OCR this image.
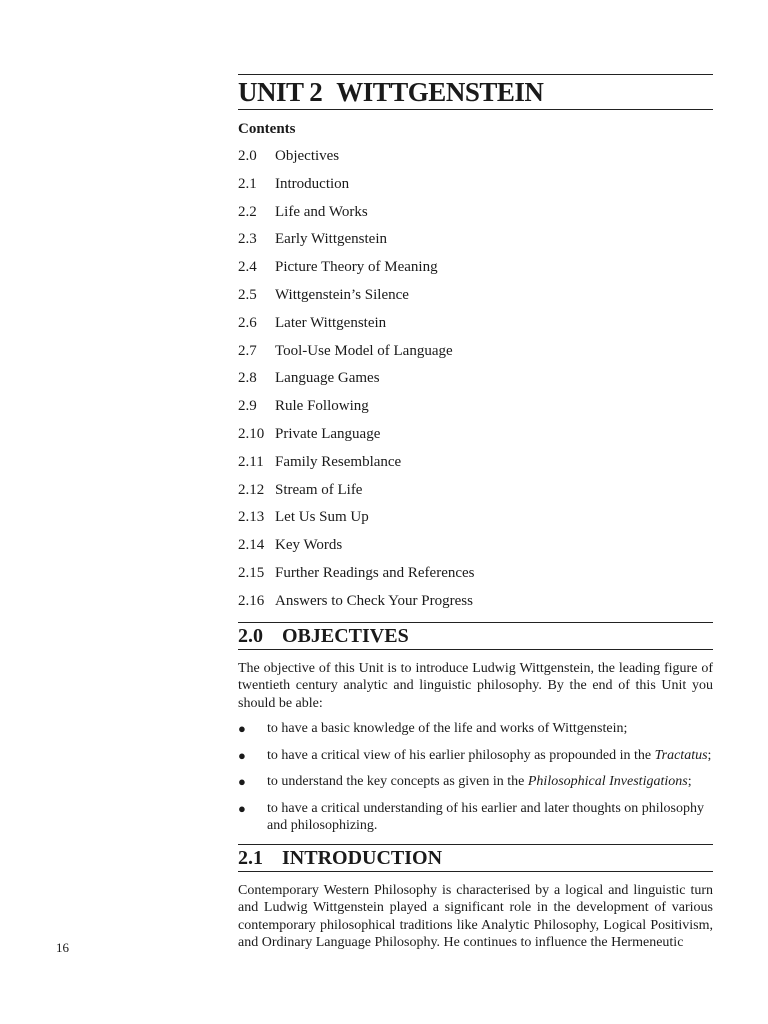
UNIT 2 WITTGENSTEIN
Contents
2.0	Objectives
2.1	Introduction
2.2	Life and Works
2.3	Early Wittgenstein
2.4	Picture Theory of Meaning
2.5	Wittgenstein’s Silence
2.6	Later Wittgenstein
2.7	Tool-Use Model of Language
2.8	Language Games
2.9	Rule Following
2.10 Private Language
2.11 Family Resemblance
2.12 Stream of Life
2.13 Let Us Sum Up
2.14 Key Words
2.15 Further Readings and References
2.16 Answers to Check Your Progress
2.0 OBJECTIVES

The objective of this Unit is to introduce Ludwig Wittgenstein, the leading figure of twentieth century analytic and linguistic philosophy. By the end of this Unit you should be able:

●	to have a basic knowledge of the life and works of Wittgenstein;
●	to have a critical view of his earlier philosophy as propounded in the Tractatus;
●	to understand the key concepts as given in the Philosophical Investigations;
●	to have a critical understanding of his earlier and later thoughts on philosophy and philosophizing.
2.1 INTRODUCTION

Contemporary Western Philosophy is characterised by a logical and linguistic turn and Ludwig Wittgenstein played a significant role in the development of various contemporary philosophical traditions like Analytic Philosophy, Logical Positivism, and Ordinary Language Philosophy. He continues to influence the Hermeneutic

16
